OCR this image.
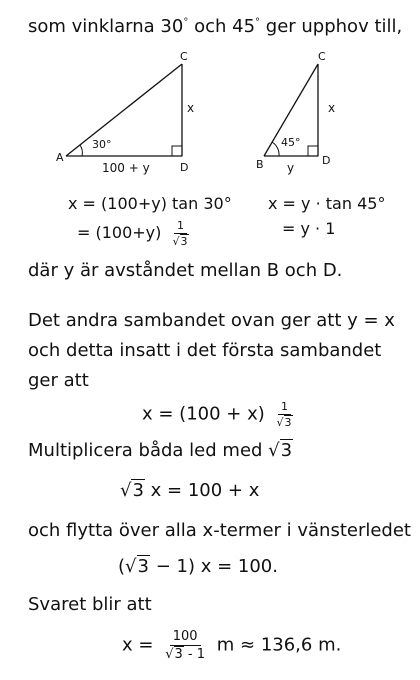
som vinklarna 30° och 45° ger upphov till,
A
C
D
x
30°
100 + y	B
C
D
x
45°
y
x = (100+y) tan 30°
= $(100+y) \frac{1}{√3}$
x = y · tan 45°
= y · 1
där y är avståndet mellan B och D.
Det andra sambandet ovan ger att y = x
och detta insatt i det första sambandet
ger att
$x = (100 + x) \frac{1}{√3}$
Multiplicera båda led med √3
√3 x = 100 + x
och flytta över alla x-termer i vänsterledet
(√3 − 1) x = 100.
Svaret blir att
$x = \frac{100}{√3 - 1}$ m ≈ 136,6 m.
